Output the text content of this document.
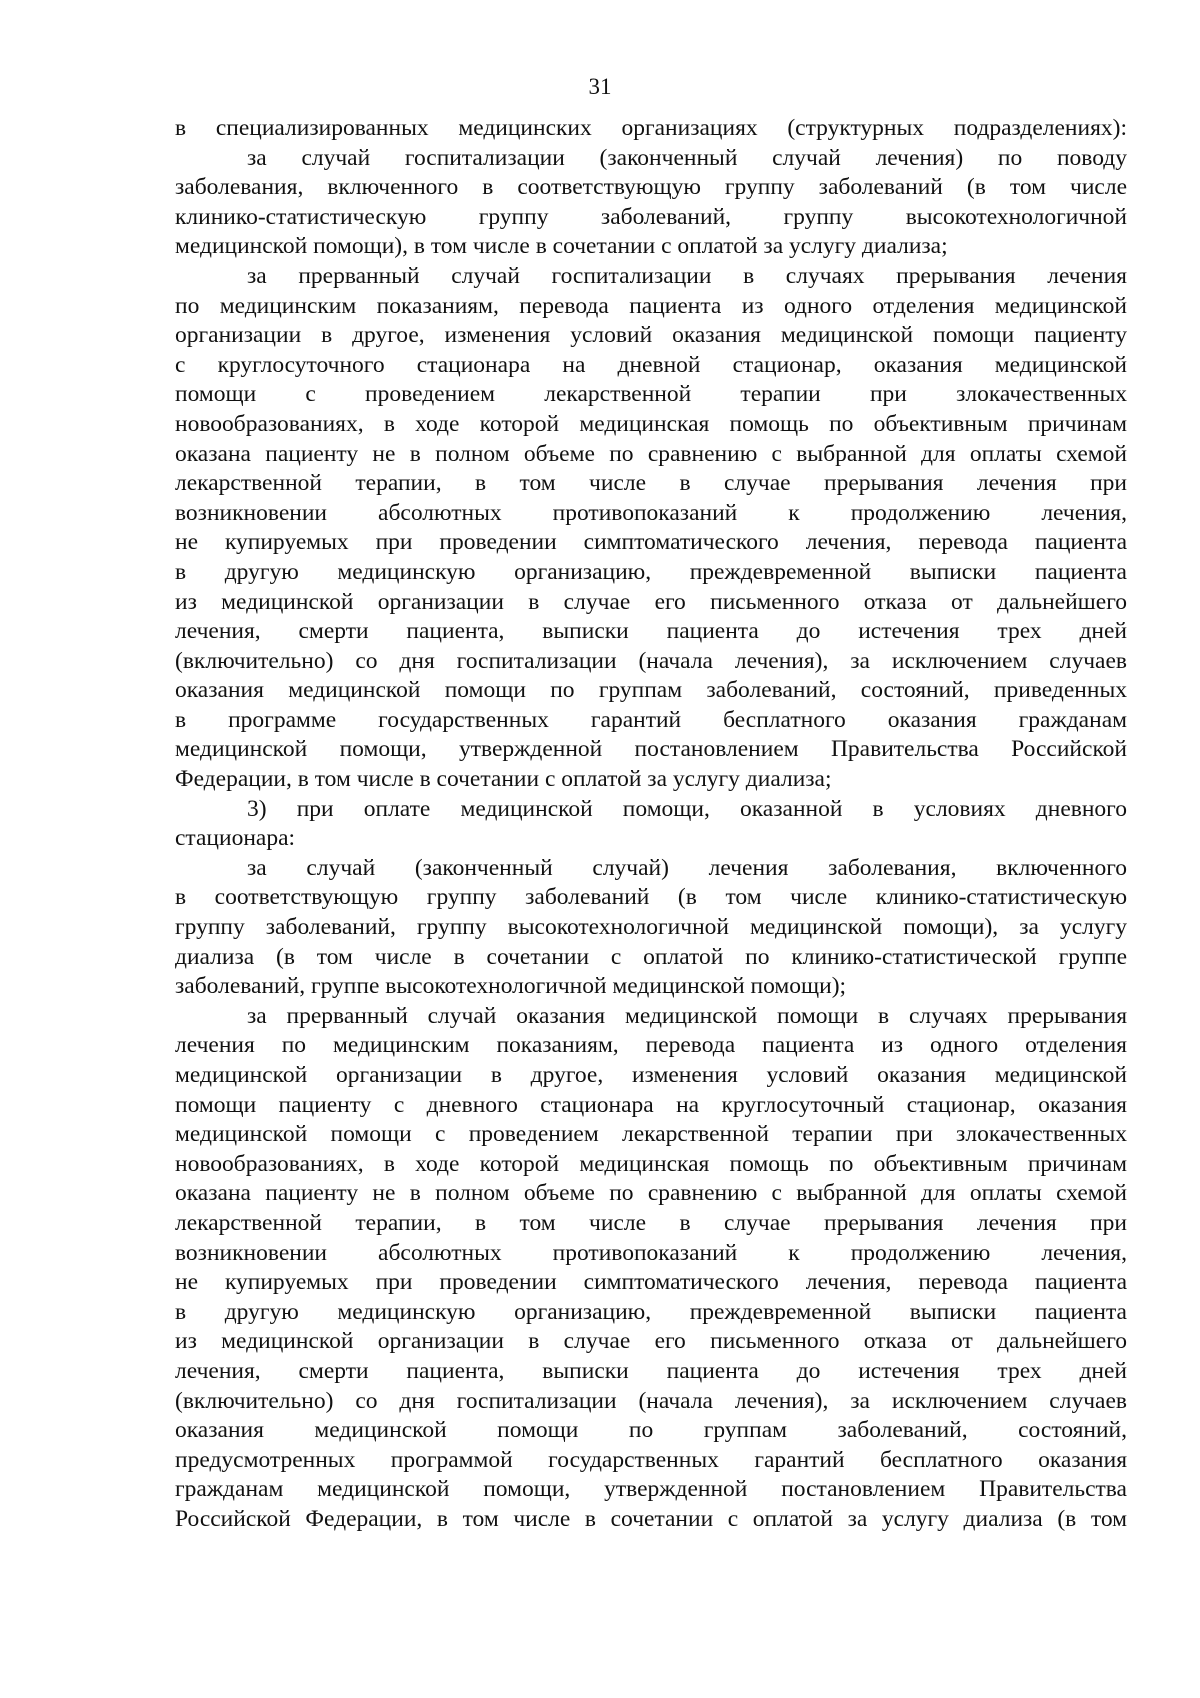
31
в специализированных медицинских организациях (структурных подразделениях):
за случай госпитализации (законченный случай лечения) по поводу
заболевания, включенного в соответствующую группу заболеваний (в том числе
клинико-статистическую группу заболеваний, группу высокотехнологичной
медицинской помощи), в том числе в сочетании с оплатой за услугу диализа;
за прерванный случай госпитализации в случаях прерывания лечения
по медицинским показаниям, перевода пациента из одного отделения медицинской
организации в другое, изменения условий оказания медицинской помощи пациенту
с круглосуточного стационара на дневной стационар, оказания медицинской
помощи с проведением лекарственной терапии при злокачественных
новообразованиях, в ходе которой медицинская помощь по объективным причинам
оказана пациенту не в полном объеме по сравнению с выбранной для оплаты схемой
лекарственной терапии, в том числе в случае прерывания лечения при
возникновении абсолютных противопоказаний к продолжению лечения,
не купируемых при проведении симптоматического лечения, перевода пациента
в другую медицинскую организацию, преждевременной выписки пациента
из медицинской организации в случае его письменного отказа от дальнейшего
лечения, смерти пациента, выписки пациента до истечения трех дней
(включительно) со дня госпитализации (начала лечения), за исключением случаев
оказания медицинской помощи по группам заболеваний, состояний, приведенных
в программе государственных гарантий бесплатного оказания гражданам
медицинской помощи, утвержденной постановлением Правительства Российской
Федерации, в том числе в сочетании с оплатой за услугу диализа;
3) при оплате медицинской помощи, оказанной в условиях дневного
стационара:
за случай (законченный случай) лечения заболевания, включенного
в соответствующую группу заболеваний (в том числе клинико-статистическую
группу заболеваний, группу высокотехнологичной медицинской помощи), за услугу
диализа (в том числе в сочетании с оплатой по клинико-статистической группе
заболеваний, группе высокотехнологичной медицинской помощи);
за прерванный случай оказания медицинской помощи в случаях прерывания
лечения по медицинским показаниям, перевода пациента из одного отделения
медицинской организации в другое, изменения условий оказания медицинской
помощи пациенту с дневного стационара на круглосуточный стационар, оказания
медицинской помощи с проведением лекарственной терапии при злокачественных
новообразованиях, в ходе которой медицинская помощь по объективным причинам
оказана пациенту не в полном объеме по сравнению с выбранной для оплаты схемой
лекарственной терапии, в том числе в случае прерывания лечения при
возникновении абсолютных противопоказаний к продолжению лечения,
не купируемых при проведении симптоматического лечения, перевода пациента
в другую медицинскую организацию, преждевременной выписки пациента
из медицинской организации в случае его письменного отказа от дальнейшего
лечения, смерти пациента, выписки пациента до истечения трех дней
(включительно) со дня госпитализации (начала лечения), за исключением случаев
оказания медицинской помощи по группам заболеваний, состояний,
предусмотренных программой государственных гарантий бесплатного оказания
гражданам медицинской помощи, утвержденной постановлением Правительства
Российской Федерации, в том числе в сочетании с оплатой за услугу диализа (в том
